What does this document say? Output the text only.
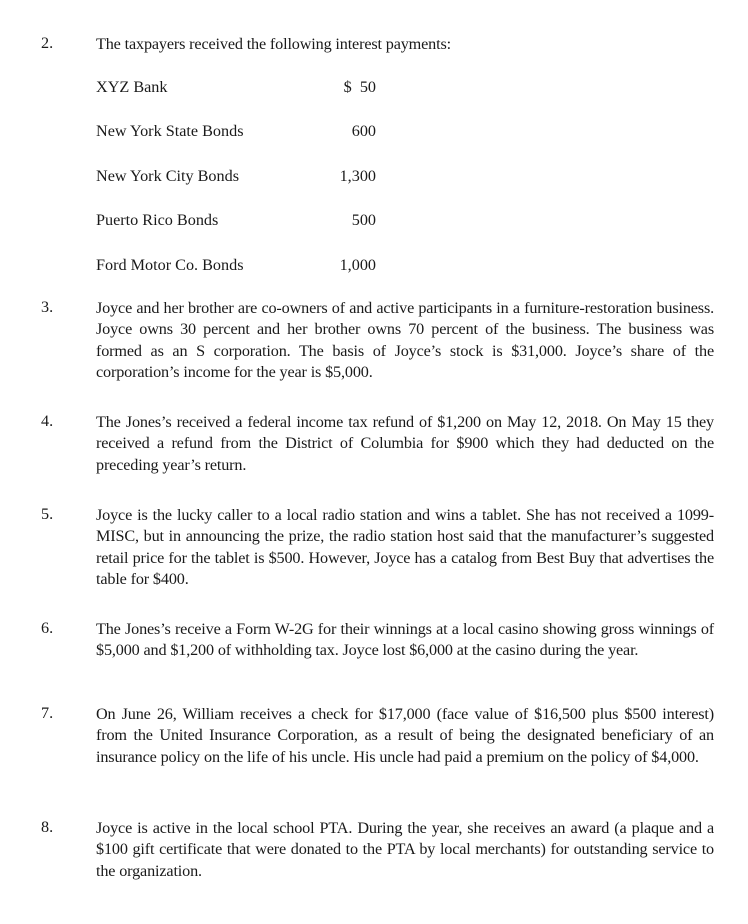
2.	The taxpayers received the following interest payments:
XYZ Bank	$  50
New York State Bonds	600
New York City Bonds	1,300
Puerto Rico Bonds	500
Ford Motor Co. Bonds	1,000
3.	Joyce and her brother are co-owners of and active participants in a furniture-restoration business. Joyce owns 30 percent and her brother owns 70 percent of the business. The business was formed as an S corporation. The basis of Joyce’s stock is $31,000. Joyce’s share of the corporation’s income for the year is $5,000.
4.	The Jones’s received a federal income tax refund of $1,200 on May 12, 2018. On May 15 they received a refund from the District of Columbia for $900 which they had deducted on the preceding year’s return.
5.	Joyce is the lucky caller to a local radio station and wins a tablet. She has not received a 1099-MISC, but in announcing the prize, the radio station host said that the manufacturer’s suggested retail price for the tablet is $500. However, Joyce has a catalog from Best Buy that advertises the table for $400.
6.	The Jones’s receive a Form W-2G for their winnings at a local casino showing gross winnings of $5,000 and $1,200 of withholding tax. Joyce lost $6,000 at the casino during the year.
7.	On June 26, William receives a check for $17,000 (face value of $16,500 plus $500 interest) from the United Insurance Corporation, as a result of being the designated beneficiary of an insurance policy on the life of his uncle. His uncle had paid a premium on the policy of $4,000.
8.	Joyce is active in the local school PTA. During the year, she receives an award (a plaque and a $100 gift certificate that were donated to the PTA by local merchants) for outstanding service to the organization.
